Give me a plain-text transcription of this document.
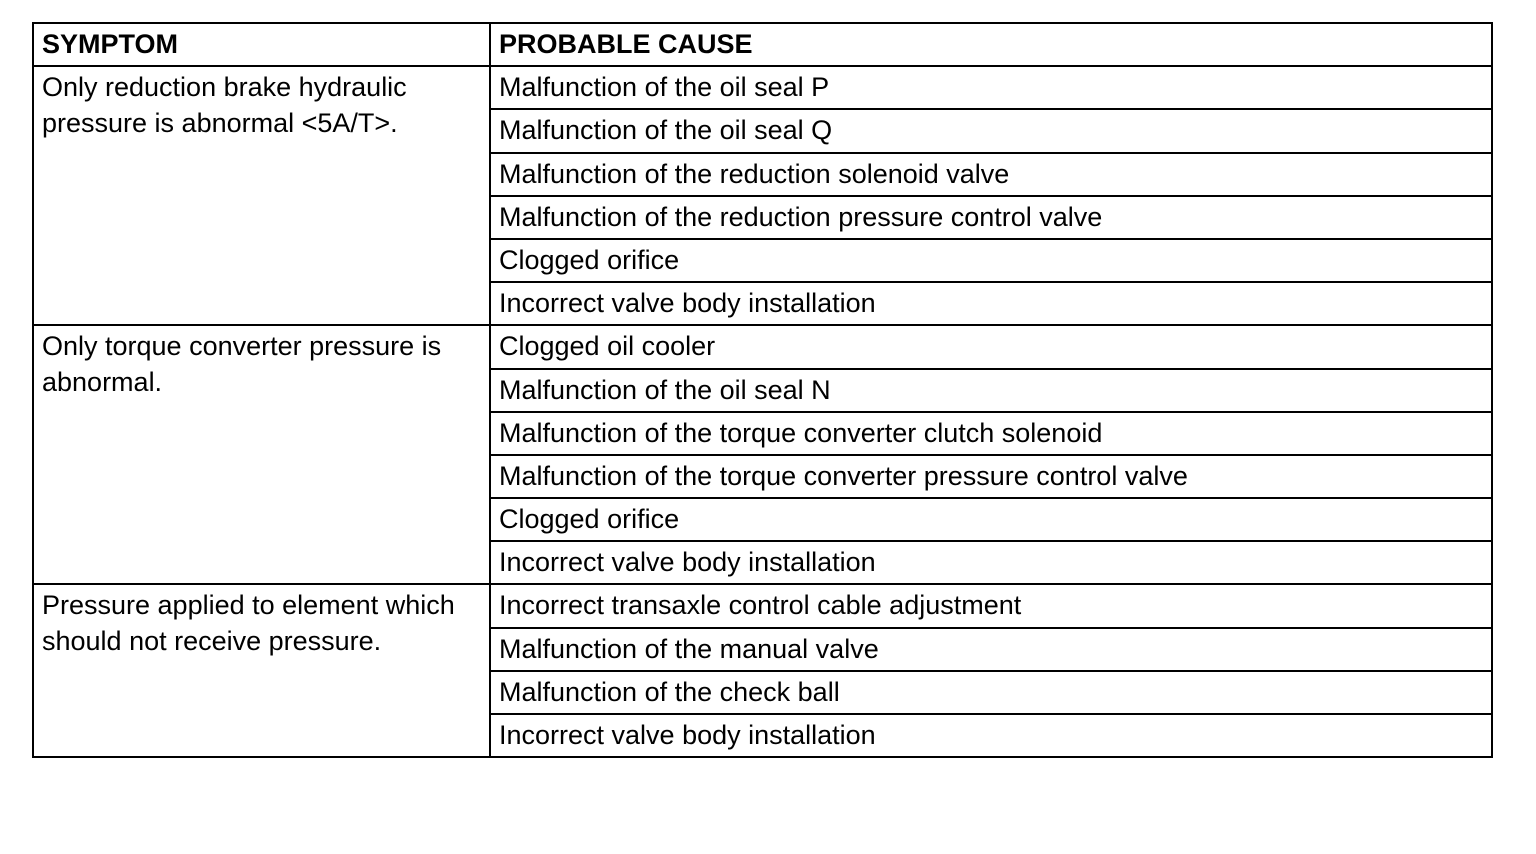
SYMPTOM	PROBABLE CAUSE
Only reduction brake hydraulic pressure is abnormal <5A/T>.	Malfunction of the oil seal P
	Malfunction of the oil seal Q
	Malfunction of the reduction solenoid valve
	Malfunction of the reduction pressure control valve
	Clogged orifice
	Incorrect valve body installation
Only torque converter pressure is abnormal.	Clogged oil cooler
	Malfunction of the oil seal N
	Malfunction of the torque converter clutch solenoid
	Malfunction of the torque converter pressure control valve
	Clogged orifice
	Incorrect valve body installation
Pressure applied to element which should not receive pressure.	Incorrect transaxle control cable adjustment
	Malfunction of the manual valve
	Malfunction of the check ball
	Incorrect valve body installation
